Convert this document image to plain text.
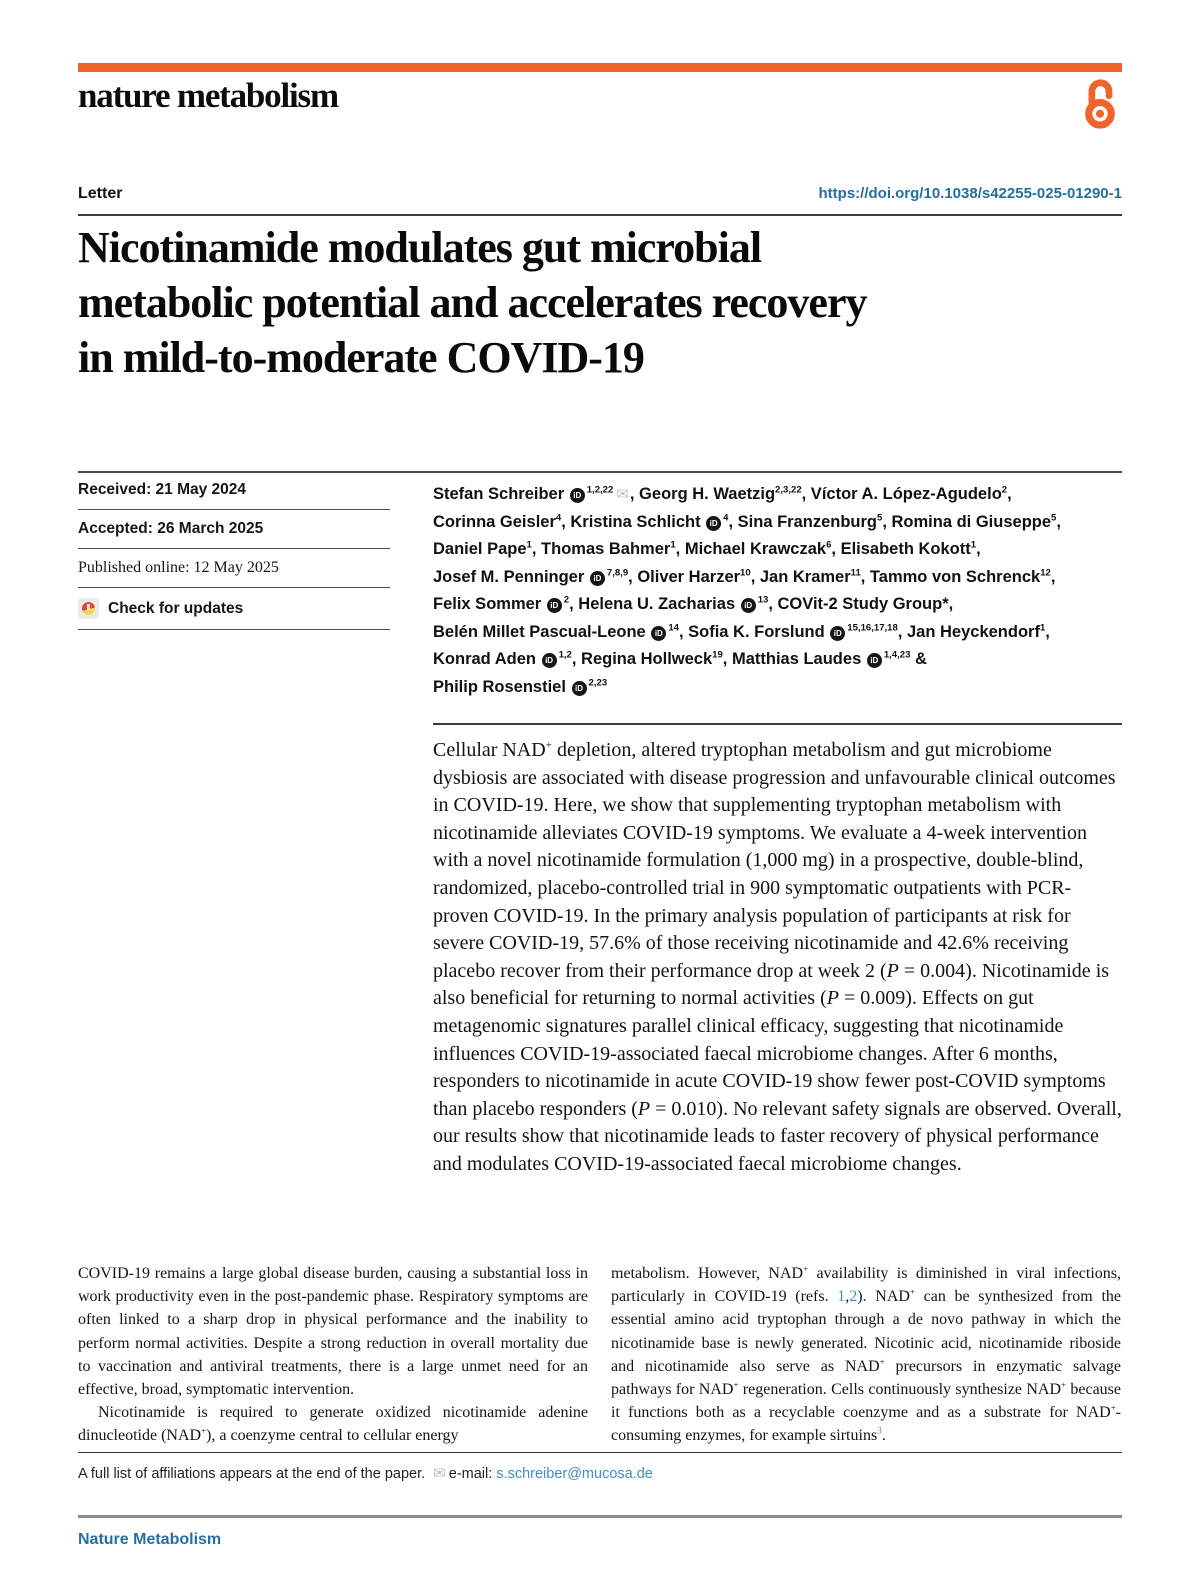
nature metabolism
Letter	https://doi.org/10.1038/s42255-025-01290-1
Nicotinamide modulates gut microbial
metabolic potential and accelerates recovery
in mild-to-moderate COVID-19
Received: 21 May 2024
Accepted: 26 March 2025
Published online: 12 May 2025
Check for updates
Stefan Schreiber iD $^{1,2,22}$ ✉, Georg H. Waetzig$^{2,3,22}$, Víctor A. López-Agudelo$^2$,
Corinna Geisler$^4$, Kristina Schlicht iD $^4$, Sina Franzenburg$^5$, Romina di Giuseppe$^5$,
Daniel Pape$^1$, Thomas Bahmer$^1$, Michael Krawczak$^6$, Elisabeth Kokott$^1$,
Josef M. Penninger iD $^{7,8,9}$, Oliver Harzer$^{10}$, Jan Kramer$^{11}$, Tammo von Schrenck$^{12}$,
Felix Sommer iD $^2$, Helena U. Zacharias iD $^{13}$, COVit-2 Study Group*,
Belén Millet Pascual-Leone iD $^{14}$, Sofia K. Forslund iD $^{15,16,17,18}$, Jan Heyckendorf$^1$,
Konrad Aden iD $^{1,2}$, Regina Hollweck$^{19}$, Matthias Laudes iD $^{1,4,23}$ &
Philip Rosenstiel iD $^{2,23}$
Cellular NAD+ depletion, altered tryptophan metabolism and gut microbiome dysbiosis are associated with disease progression and unfavourable clinical outcomes in COVID-19. Here, we show that supplementing tryptophan metabolism with nicotinamide alleviates COVID-19 symptoms. We evaluate a 4-week intervention with a novel nicotinamide formulation (1,000 mg) in a prospective, double-blind, randomized, placebo-controlled trial in 900 symptomatic outpatients with PCR-proven COVID-19. In the primary analysis population of participants at risk for severe COVID-19, 57.6% of those receiving nicotinamide and 42.6% receiving placebo recover from their performance drop at week 2 (P = 0.004). Nicotinamide is also beneficial for returning to normal activities (P = 0.009). Effects on gut metagenomic signatures parallel clinical efficacy, suggesting that nicotinamide influences COVID-19-associated faecal microbiome changes. After 6 months, responders to nicotinamide in acute COVID-19 show fewer post-COVID symptoms than placebo responders (P = 0.010). No relevant safety signals are observed. Overall, our results show that nicotinamide leads to faster recovery of physical performance and modulates COVID-19-associated faecal microbiome changes.

COVID-19 remains a large global disease burden, causing a substantial loss in work productivity even in the post-pandemic phase. Respiratory symptoms are often linked to a sharp drop in physical performance and the inability to perform normal activities. Despite a strong reduction in overall mortality due to vaccination and antiviral treatments, there is a large unmet need for an effective, broad, symptomatic intervention.

Nicotinamide is required to generate oxidized nicotinamide adenine dinucleotide (NAD+), a coenzyme central to cellular energy

metabolism. However, NAD+ availability is diminished in viral infections, particularly in COVID-19 (refs. 1,2). NAD+ can be synthesized from the essential amino acid tryptophan through a de novo pathway in which the nicotinamide base is newly generated. Nicotinic acid, nicotinamide riboside and nicotinamide also serve as NAD+ precursors in enzymatic salvage pathways for NAD+ regeneration. Cells continuously synthesize NAD+ because it functions both as a recyclable coenzyme and as a substrate for NAD+-consuming enzymes, for example sirtuins$^3$.

A full list of affiliations appears at the end of the paper. ✉ e-mail: s.schreiber@mucosa.de
Nature Metabolism
